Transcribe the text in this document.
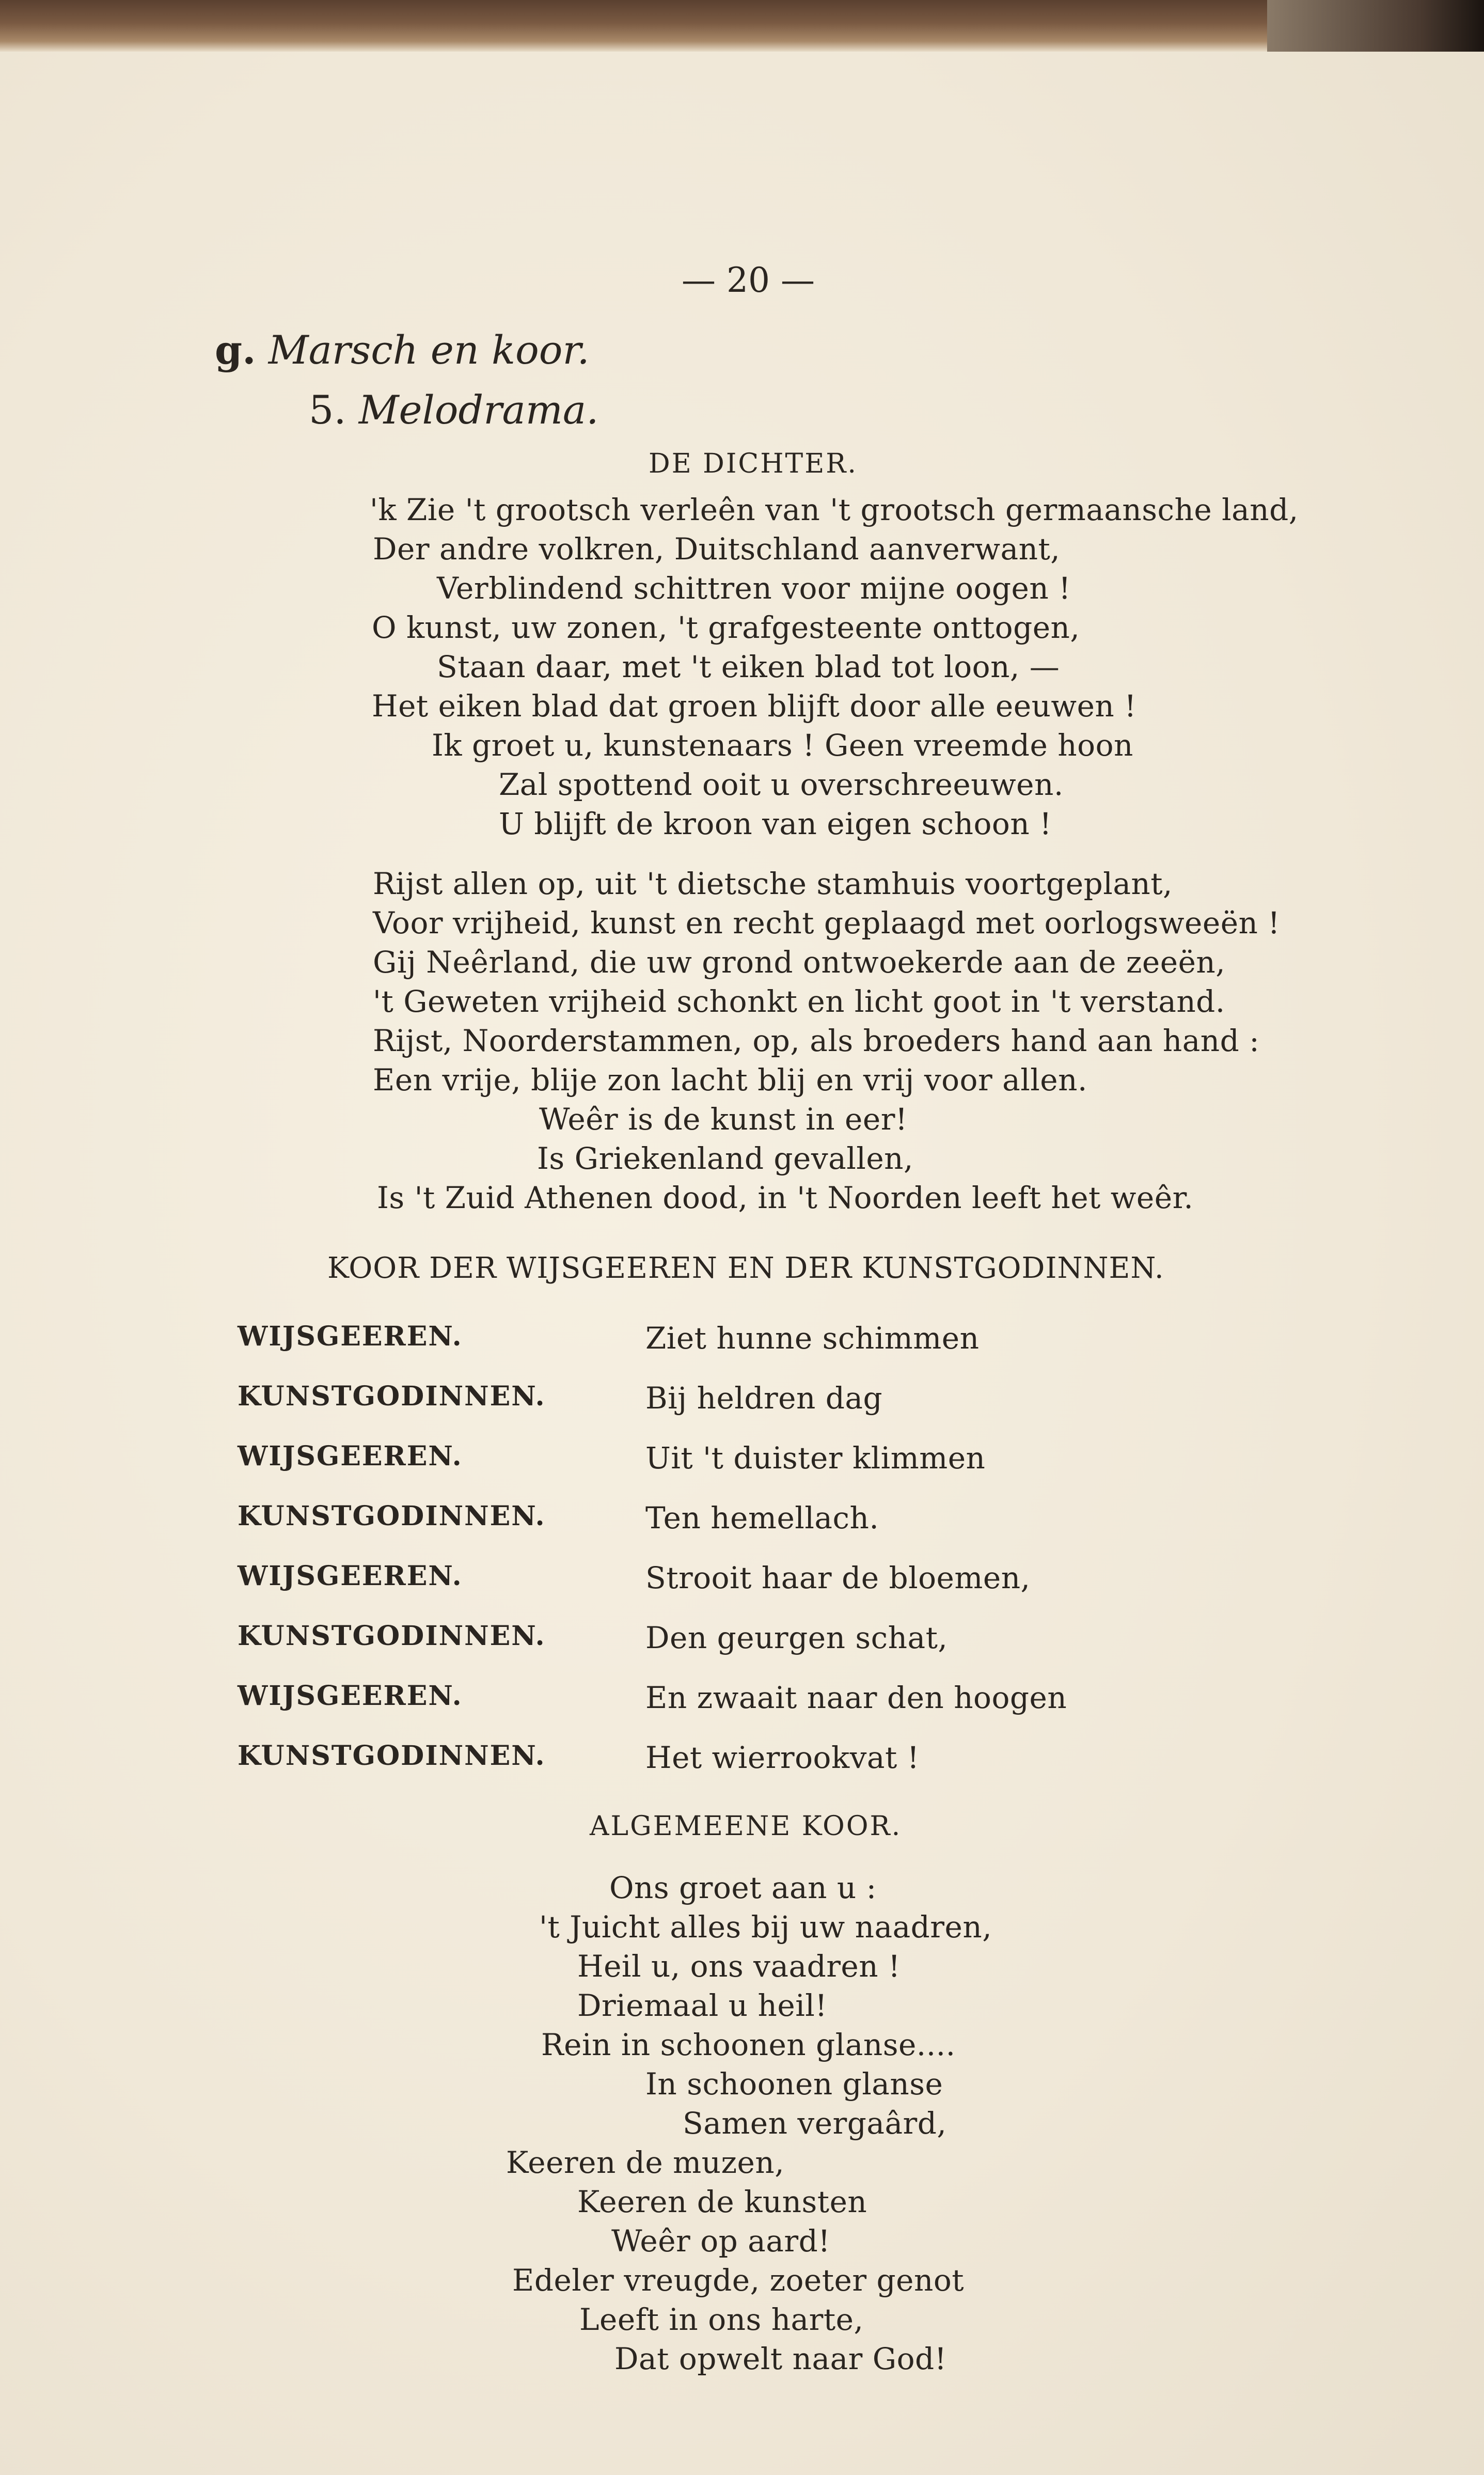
— 20 —
g. Marsch en koor.
5. Melodrama.
DE DICHTER.
'k Zie 't grootsch verleên van 't grootsch germaansche land,
Der andre volkren, Duitschland aanverwant,
Verblindend schittren voor mijne oogen !
O kunst, uw zonen, 't grafgesteente onttogen,
Staan daar, met 't eiken blad tot loon, —
Het eiken blad dat groen blijft door alle eeuwen !
Ik groet u, kunstenaars ! Geen vreemde hoon
Zal spottend ooit u overschreeuwen.
U blijft de kroon van eigen schoon !
Rijst allen op, uit 't dietsche stamhuis voortgeplant,
Voor vrijheid, kunst en recht geplaagd met oorlogsweeën !
Gij Neêrland, die uw grond ontwoekerde aan de zeeën,
't Geweten vrijheid schonkt en licht goot in 't verstand.
Rijst, Noorderstammen, op, als broeders hand aan hand :
Een vrije, blije zon lacht blij en vrij voor allen.
Weêr is de kunst in eer!
Is Griekenland gevallen,
Is 't Zuid Athenen dood, in 't Noorden leeft het weêr.
KOOR DER WIJSGEEREN EN DER KUNSTGODINNEN.
WIJSGEEREN.	Ziet hunne schimmen
KUNSTGODINNEN.	Bij heldren dag
WIJSGEEREN.	Uit 't duister klimmen
KUNSTGODINNEN.	Ten hemellach.
WIJSGEEREN.	Strooit haar de bloemen,
KUNSTGODINNEN.	Den geurgen schat,
WIJSGEEREN.	En zwaait naar den hoogen
KUNSTGODINNEN.	Het wierrookvat !
ALGEMEENE KOOR.
Ons groet aan u :
't Juicht alles bij uw naadren,
Heil u, ons vaadren !
Driemaal u heil!
Rein in schoonen glanse....
In schoonen glanse
Samen vergaârd,
Keeren de muzen,
Keeren de kunsten
Weêr op aard!
Edeler vreugde, zoeter genot
Leeft in ons harte,
Dat opwelt naar God!
